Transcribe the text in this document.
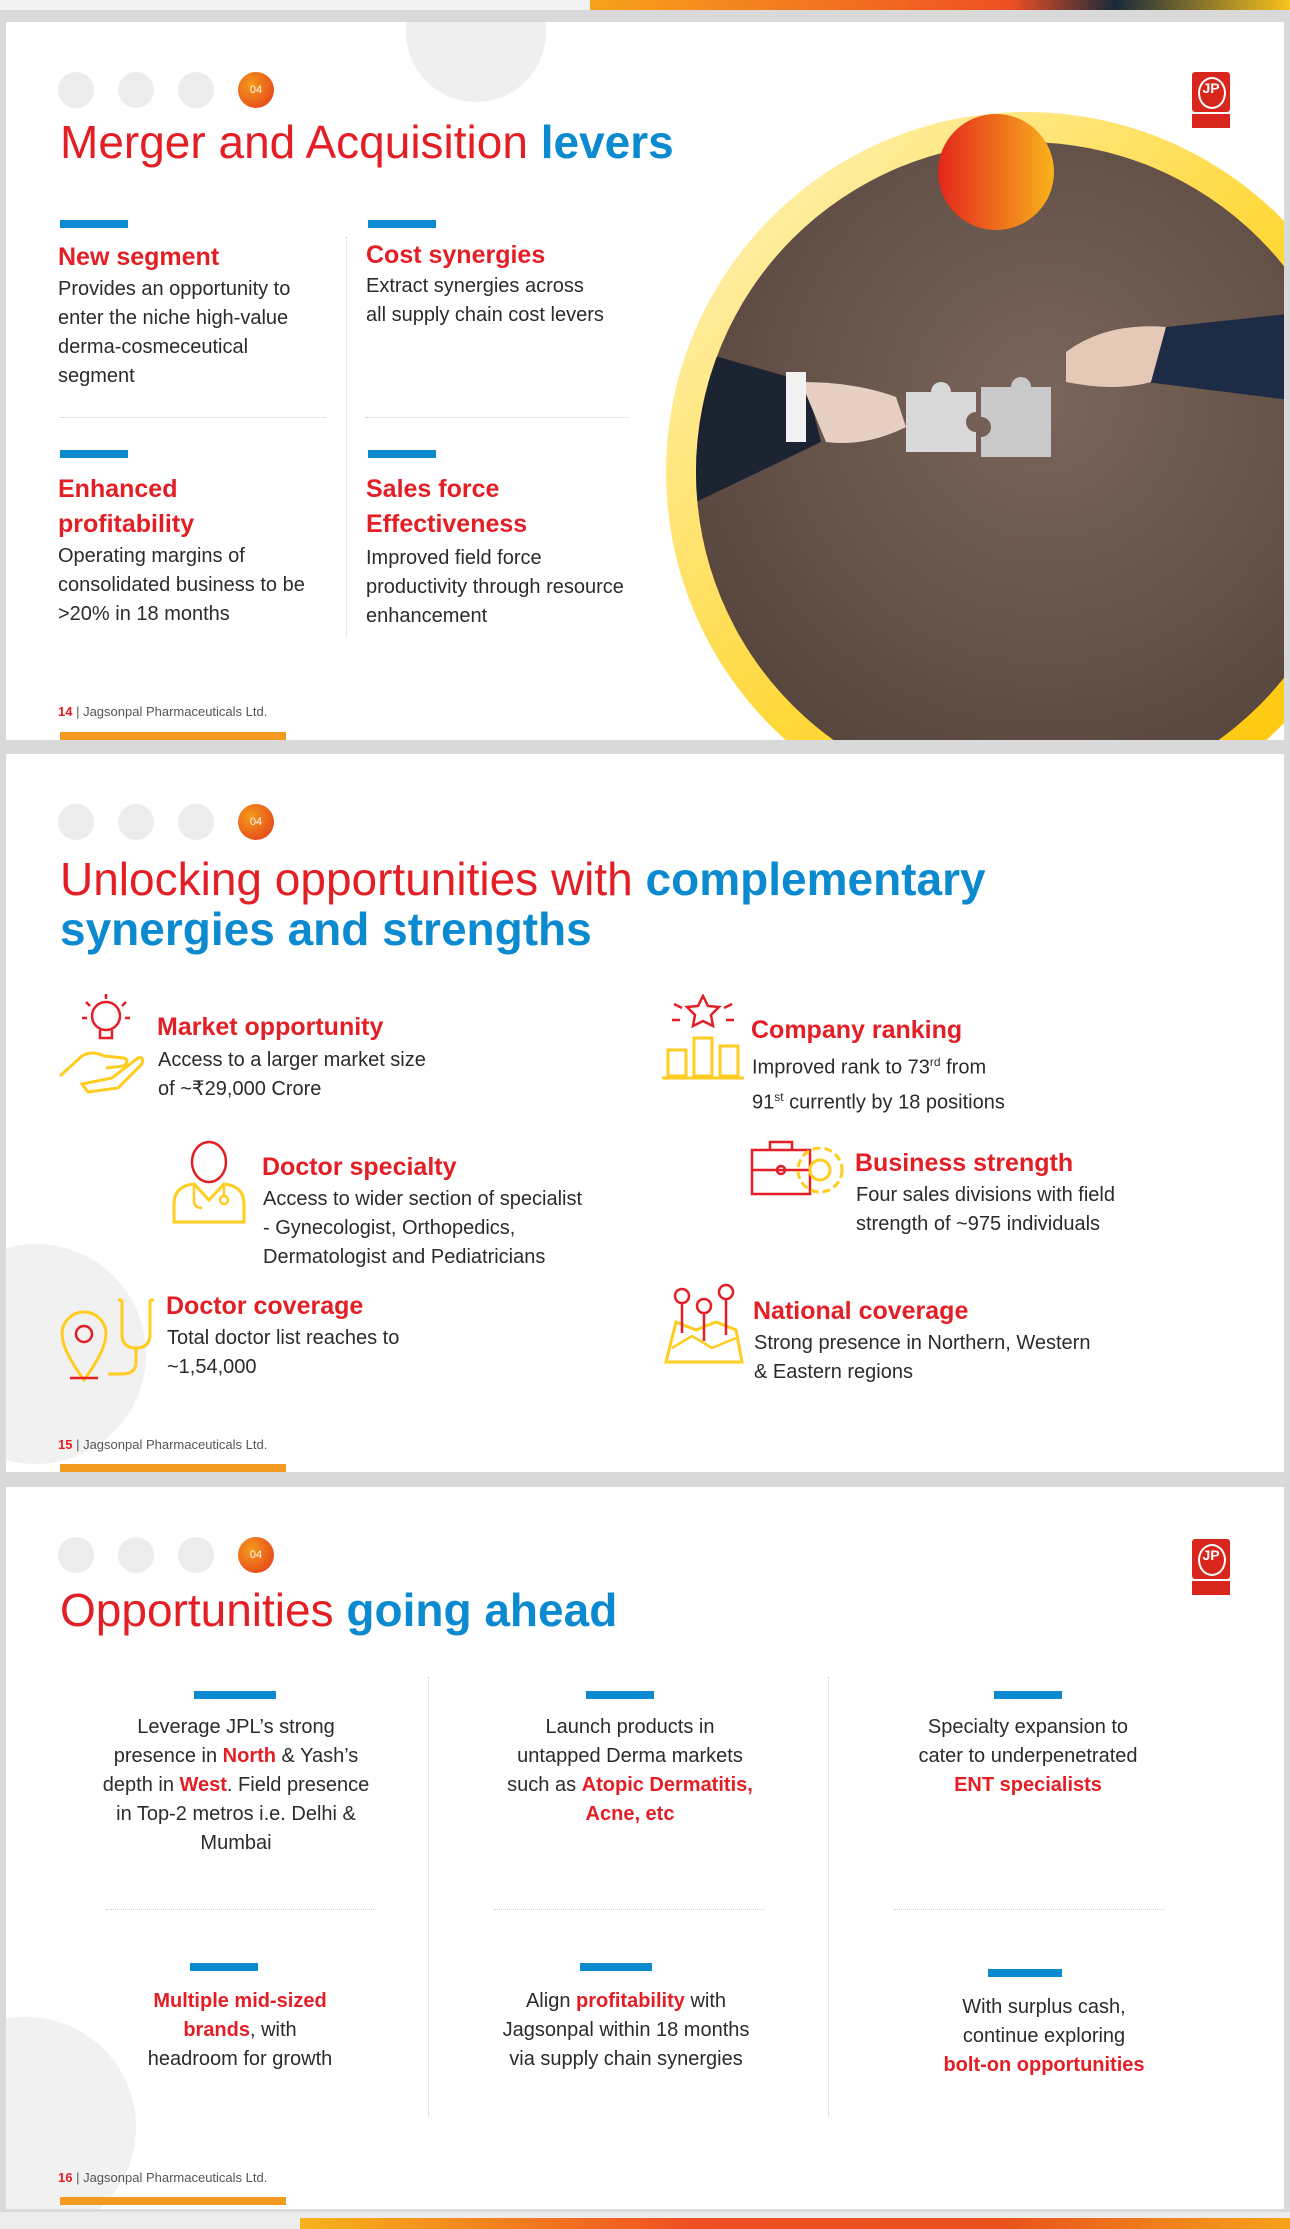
04
Merger and Acquisition levers
JP
New segment
Provides an opportunity to enter the niche high-value derma-cosmeceutical segment
Cost synergies
Extract synergies across all supply chain cost levers
Enhanced profitability
Operating margins of consolidated business to be >20% in 18 months
Sales force Effectiveness
Improved field force productivity through resource enhancement
14 | Jagsonpal Pharmaceuticals Ltd.
04
Unlocking opportunities with complementary
synergies and strengths
Market opportunity
Access to a larger market size
of ~₹29,000 Crore
Company ranking
Improved rank to 73rd from
91st currently by 18 positions
Doctor specialty
Access to wider section of specialist
- Gynecologist, Orthopedics,
Dermatologist and Pediatricians
Business strength
Four sales divisions with field
strength of ~975 individuals
Doctor coverage
Total doctor list reaches to
~1,54,000
National coverage
Strong presence in Northern, Western
& Eastern regions
15 | Jagsonpal Pharmaceuticals Ltd.
04
Opportunities going ahead
JP
Leverage JPL’s strong
presence in North & Yash’s
depth in West. Field presence
in Top-2 metros i.e. Delhi &
Mumbai
Launch products in
untapped Derma markets
such as Atopic Dermatitis,
Acne, etc
Specialty expansion to
cater to underpenetrated
ENT specialists
Multiple mid-sized
brands, with
headroom for growth
Align profitability with
Jagsonpal within 18 months
via supply chain synergies
With surplus cash,
continue exploring
bolt-on opportunities
16 | Jagsonpal Pharmaceuticals Ltd.
